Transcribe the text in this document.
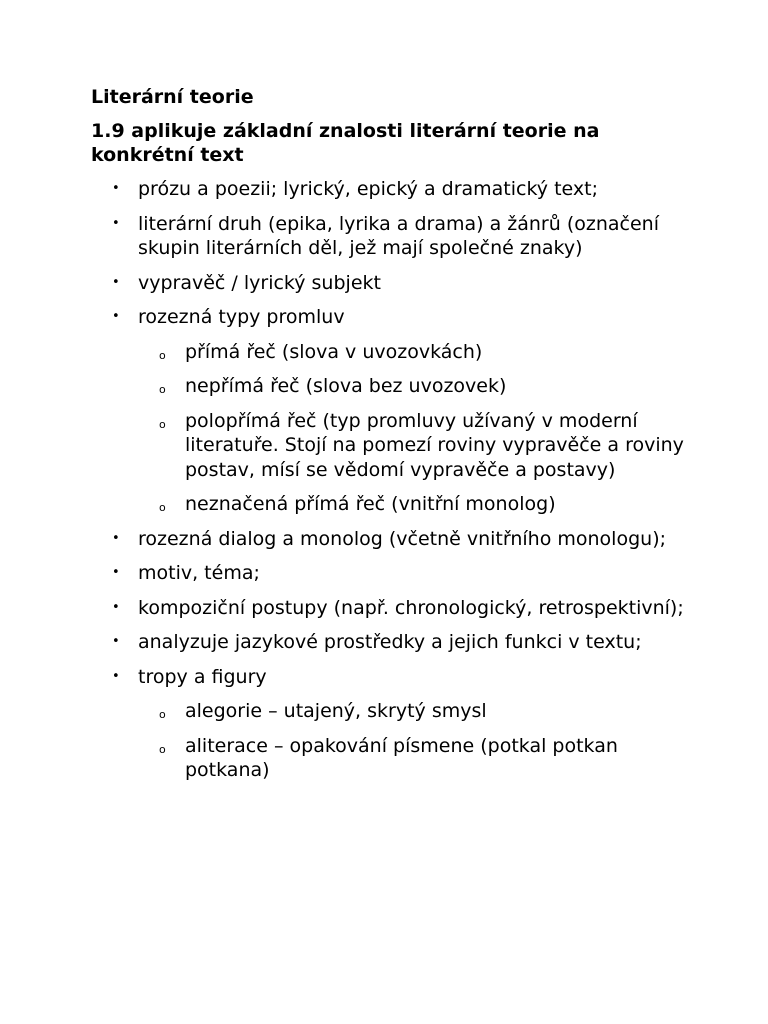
Literární teorie

1.9 aplikuje základní znalosti literární teorie na konkrétní text

• prózu a poezii; lyrický, epický a dramatický text;
• literární druh (epika, lyrika a drama) a žánrů (označení skupin literárních děl, jež mají společné znaky)
• vypravěč / lyrický subjekt
• rozezná typy promluv
o přímá řeč (slova v uvozovkách)
o nepřímá řeč (slova bez uvozovek)
o polopřímá řeč (typ promluvy užívaný v moderní literatuře. Stojí na pomezí roviny vypravěče a roviny postav, mísí se vědomí vypravěče a postavy)
o neznačená přímá řeč (vnitřní monolog)
• rozezná dialog a monolog (včetně vnitřního monologu);
• motiv, téma;
• kompoziční postupy (např. chronologický, retrospektivní);
• analyzuje jazykové prostředky a jejich funkci v textu;
• tropy a figury
o alegorie – utajený, skrytý smysl
o aliterace – opakování písmene (potkal potkan potkana)
